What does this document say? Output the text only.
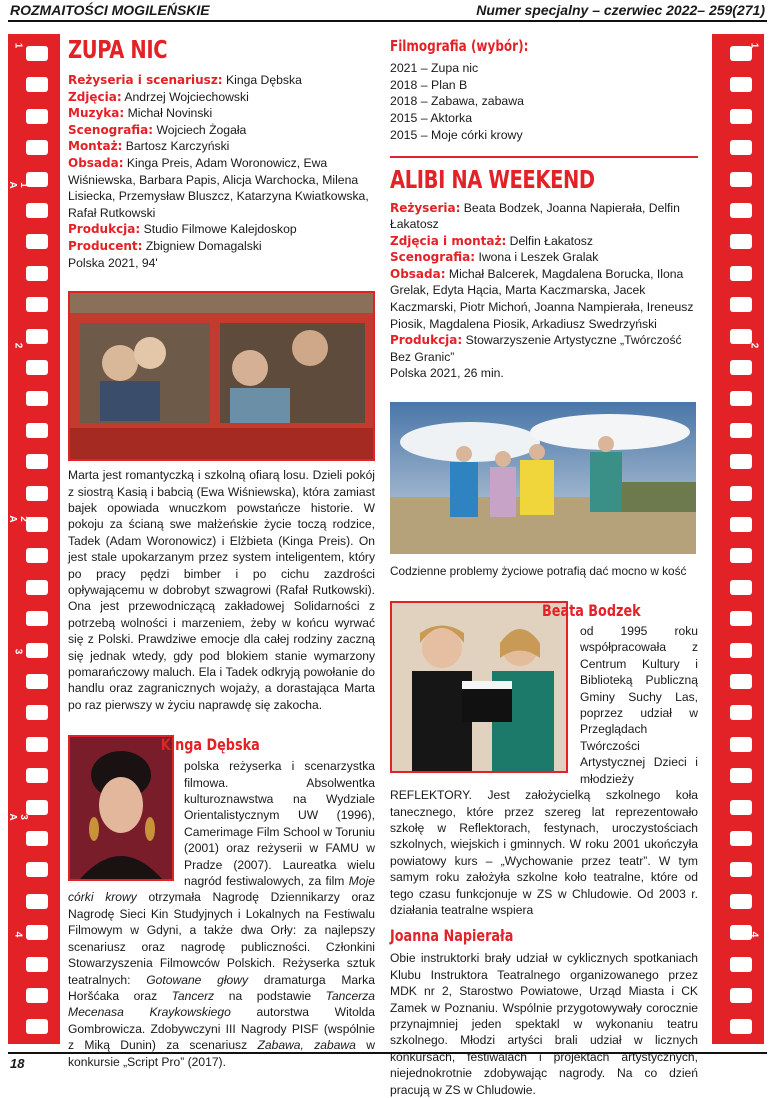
ROZMAITOŚCI MOGILEŃSKIE	Numer specjalny – czerwiec 2022– 259(271)
1
1 A
2
2 A
3
3 A
4
1
2
4
ZUPA NIC

Reżyseria i scenariusz: Kinga Dębska

Zdjęcia: Andrzej Wojciechowski

Muzyka: Michał Novinski

Scenografia: Wojciech Żogała

Montaż: Bartosz Karczyński

Obsada: Kinga Preis, Adam Woronowicz, Ewa Wiśniewska, Barbara Papis, Alicja Warchocka, Milena Lisiecka, Przemysław Bluszcz, Katarzyna Kwiatkowska, Rafał Rutkowski

Produkcja: Studio Filmowe Kalejdoskop

Producent: Zbigniew Domagalski

Polska 2021, 94'

Marta jest romantyczką i szkolną ofiarą losu. Dzieli pokój z siostrą Kasią i babcią (Ewa Wiśniewska), która zamiast bajek opowiada wnuczkom powstańcze historie. W pokoju za ścianą swe małżeńskie życie toczą rodzice, Tadek (Adam Woronowicz) i Elżbieta (Kinga Preis). On jest stale upokarzanym przez system inteligentem, który po pracy pędzi bimber i po cichu zazdrości opływającemu w dobrobyt szwagrowi (Rafał Rutkowski). Ona jest przewodniczącą zakładowej Solidarności z potrzebą wolności i marzeniem, żeby w końcu wyrwać się z Polski. Prawdziwe emocje dla całej rodziny zaczną się jednak wtedy, gdy pod blokiem stanie wymarzony pomarańczowy maluch. Ela i Tadek odkryją powołanie do handlu oraz zagranicznych wojaży, a dorastająca Marta po raz pierwszy w życiu naprawdę się zakocha.
Kinga Dębska
polska reżyserka i scenarzystka filmowa. Absolwentka kulturoznawstwa na Wydziale Orientalistycznym UW (1996), Camerimage Film School w Toruniu (2001) oraz reżyserii w FAMU w Pradze (2007). Laureatka wielu nagród festiwalowych, za film Moje córki krowy otrzymała Nagrodę Dziennikarzy oraz Nagrodę Sieci Kin Studyjnych i Lokalnych na Festiwalu Filmowym w Gdyni, a także dwa Orły: za najlepszy scenariusz oraz nagrodę publiczności. Członkini Stowarzyszenia Filmowców Polskich. Reżyserka sztuk teatralnych: Gotowane głowy dramaturga Marka Horšćaka oraz Tancerz na podstawie Tancerza Mecenasa Kraykowskiego autorstwa Witolda Gombrowicza. Zdobywczyni III Nagrody PISF (wspólnie z Miką Dunin) za scenariusz Zabawa, zabawa w konkursie „Script Pro” (2017).
Filmografia (wybór):
2021 – Zupa nic
2018 – Plan B
2018 – Zabawa, zabawa
2015 – Aktorka
2015 – Moje córki krowy
ALIBI NA WEEKEND

Reżyseria: Beata Bodzek, Joanna Napierała, Delfin Łakatosz

Zdjęcia i montaż: Delfin Łakatosz

Scenografia: Iwona i Leszek Gralak

Obsada: Michał Balcerek, Magdalena Borucka, Ilona Grelak, Edyta Hącia, Marta Kaczmarska, Jacek Kaczmarski, Piotr Michoń, Joanna Nampierała, Ireneusz Piosik, Magdalena Piosik, Arkadiusz Swedrzyński

Produkcja: Stowarzyszenie Artystyczne „Twórczość Bez Granic”

Polska 2021, 26 min.

Codzienne problemy życiowe potrafią dać mocno w kość
Beata Bodzek
od 1995 roku współpracowała z Centrum Kultury i Biblioteką Publiczną Gminy Suchy Las, poprzez udział w Przeglądach Twórczości Artystycznej Dzieci i młodzieży REFLEKTORY. Jest założycielką szkolnego koła tanecznego, które przez szereg lat reprezentowało szkołę w Reflektorach, festynach, uroczystościach szkolnych, wiejskich i gminnych. W roku 2001 ukończyła powiatowy kurs – „Wychowanie przez teatr”. W tym samym roku założyła szkolne koło teatralne, które od tego czasu funkcjonuje w ZS w Chludowie. Od 2003 r. działania teatralne wspiera
Joanna Napierała
Obie instruktorki brały udział w cyklicznych spotkaniach Klubu Instruktora Teatralnego organizowanego przez MDK nr 2, Starostwo Powiatowe, Urząd Miasta i CK Zamek w Poznaniu. Wspólnie przygotowywały corocznie przynajmniej jeden spektakl w wykonaniu teatru szkolnego. Młodzi artyści brali udział w licznych konkursach, festiwalach i projektach artystycznych, niejednokrotnie zdobywając nagrody. Na co dzień pracują w ZS w Chludowie.
18
